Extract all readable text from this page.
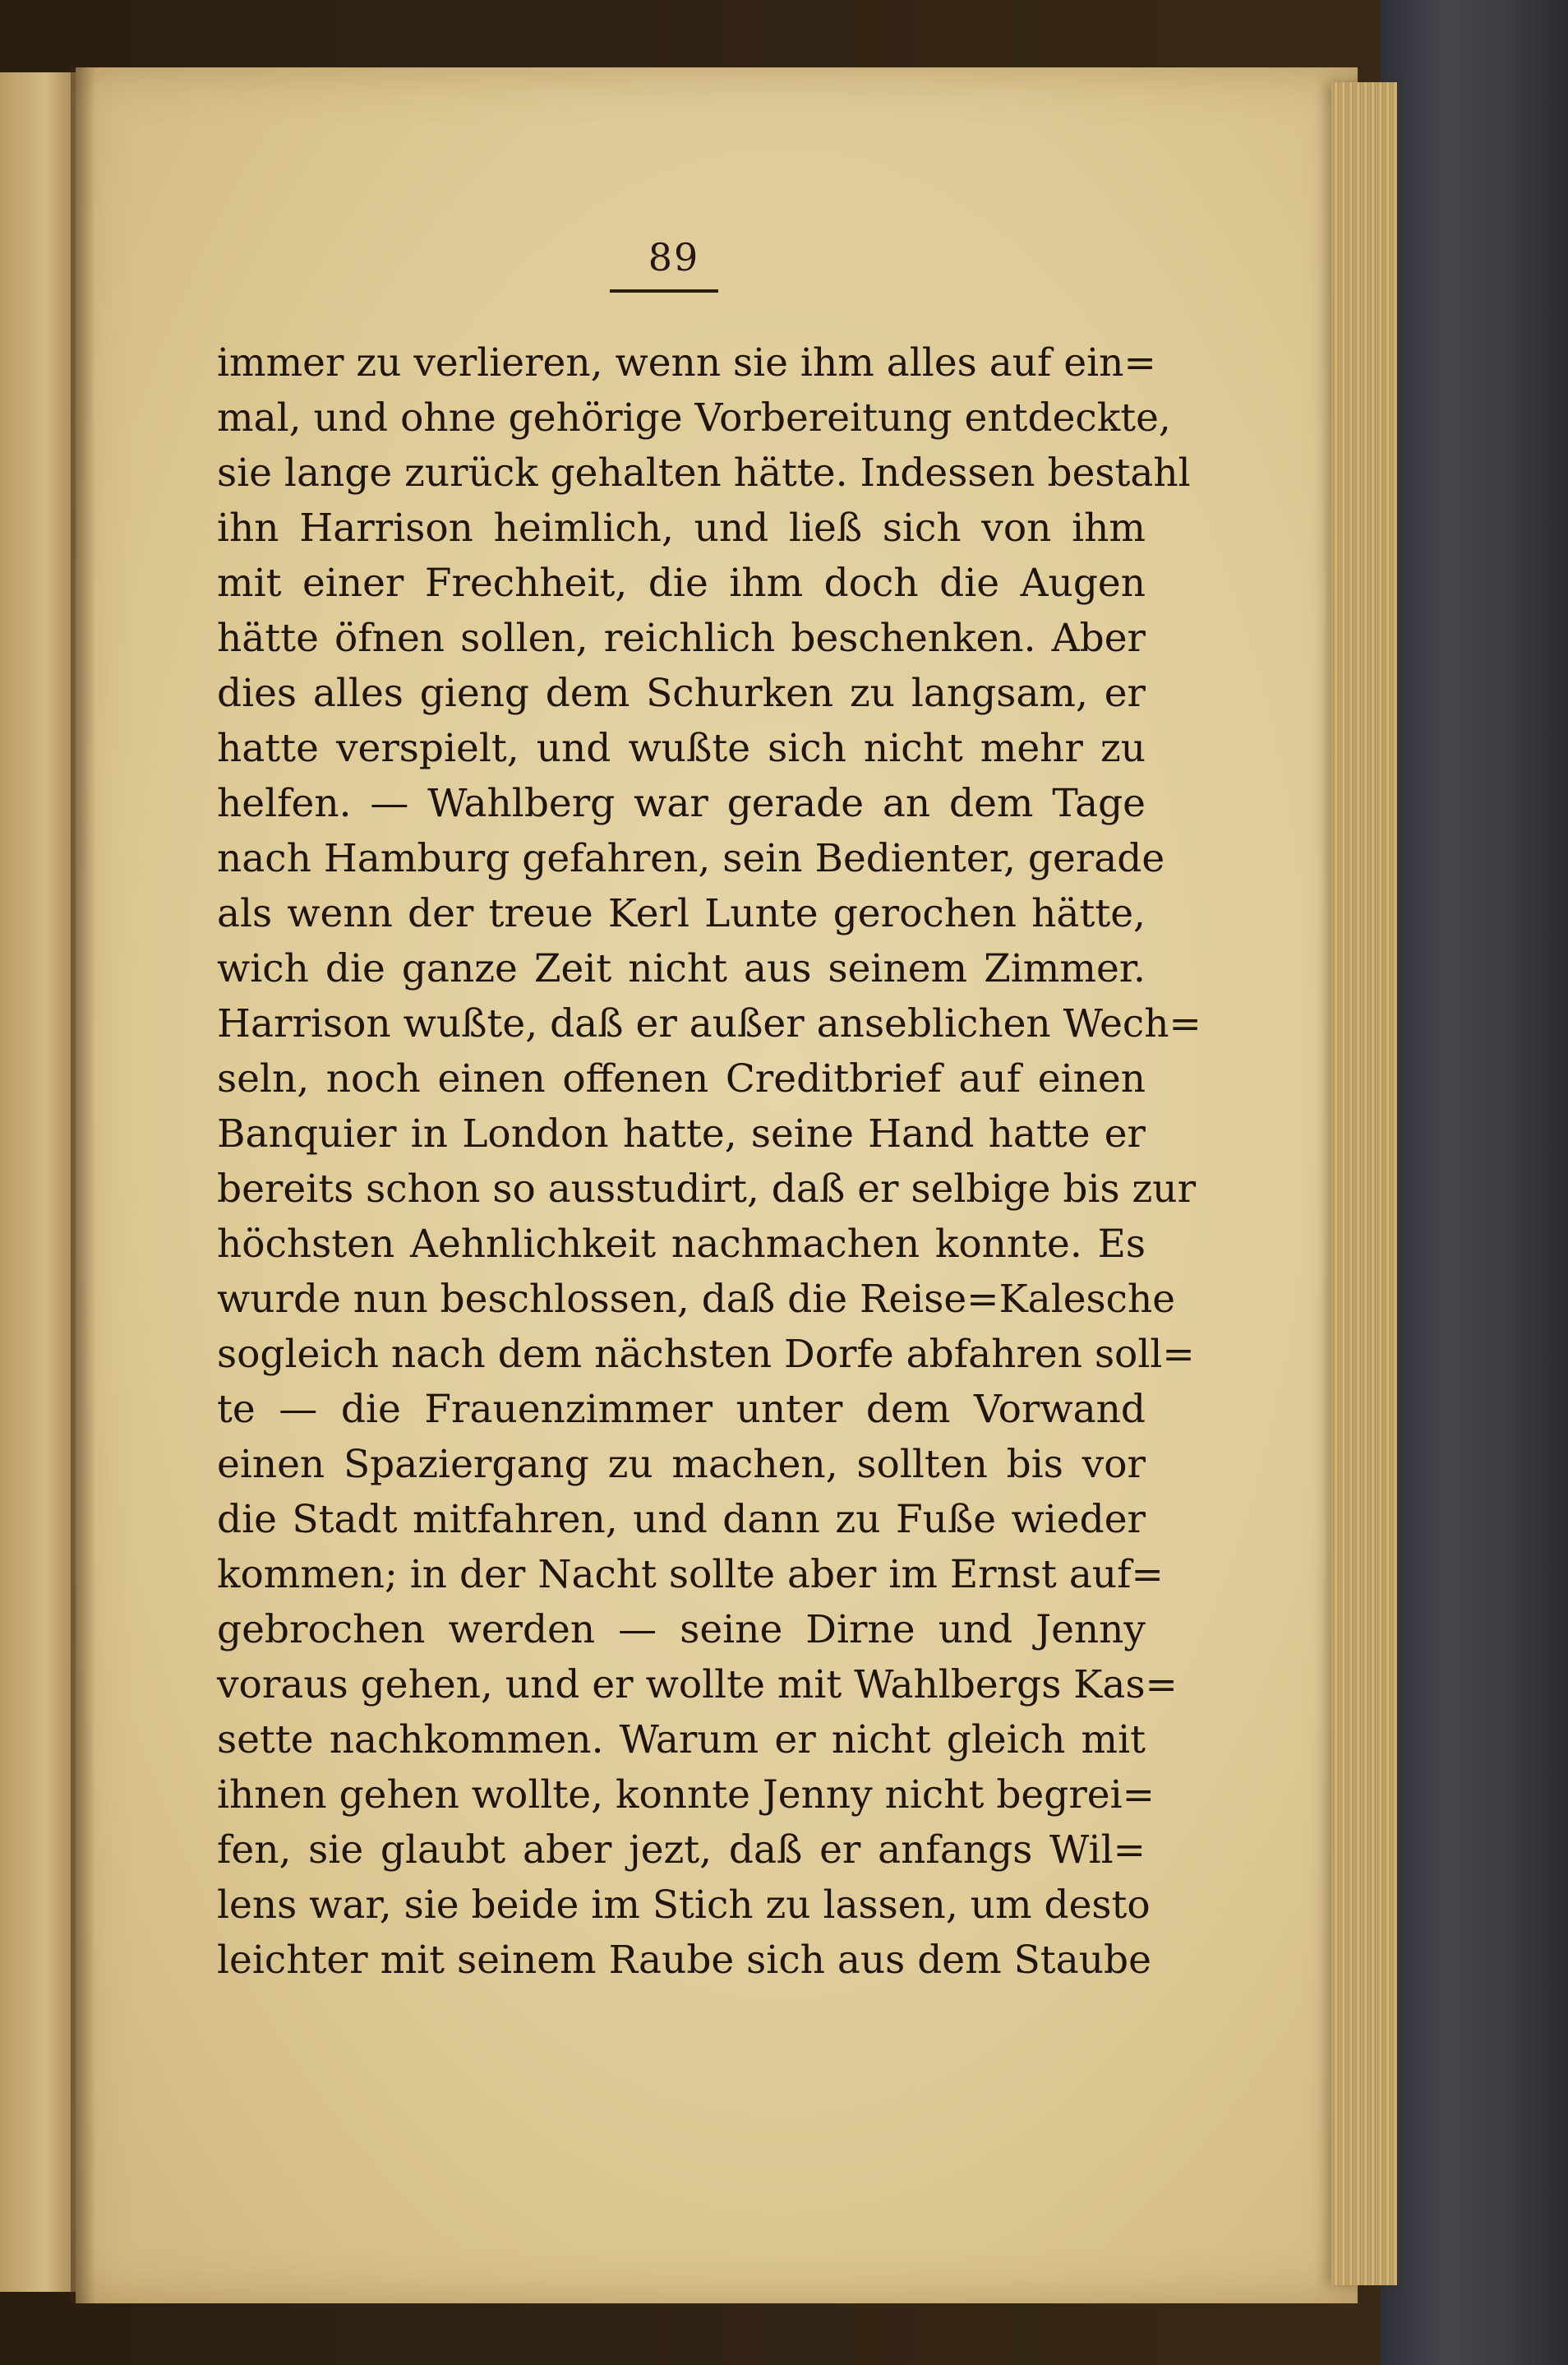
89
immer zu verlieren, wenn sie ihm alles auf ein=
mal, und ohne gehörige Vorbereitung entdeckte,
sie lange zurück gehalten hätte. Indessen bestahl
ihn Harrison heimlich, und ließ sich von ihm
mit einer Frechheit, die ihm doch die Augen
hätte öfnen sollen, reichlich beschenken. Aber
dies alles gieng dem Schurken zu langsam, er
hatte verspielt, und wußte sich nicht mehr zu
helfen. — Wahlberg war gerade an dem Tage
nach Hamburg gefahren, sein Bedienter, gerade
als wenn der treue Kerl Lunte gerochen hätte,
wich die ganze Zeit nicht aus seinem Zimmer.
Harrison wußte, daß er außer anseblichen Wech=
seln, noch einen offenen Creditbrief auf einen
Banquier in London hatte, seine Hand hatte er
bereits schon so ausstudirt, daß er selbige bis zur
höchsten Aehnlichkeit nachmachen konnte. Es
wurde nun beschlossen, daß die Reise=Kalesche
sogleich nach dem nächsten Dorfe abfahren soll=
te — die Frauenzimmer unter dem Vorwand
einen Spaziergang zu machen, sollten bis vor
die Stadt mitfahren, und dann zu Fuße wieder
kommen; in der Nacht sollte aber im Ernst auf=
gebrochen werden — seine Dirne und Jenny
voraus gehen, und er wollte mit Wahlbergs Kas=
sette nachkommen. Warum er nicht gleich mit
ihnen gehen wollte, konnte Jenny nicht begrei=
fen, sie glaubt aber jezt, daß er anfangs Wil=
lens war, sie beide im Stich zu lassen, um desto
leichter mit seinem Raube sich aus dem Staube
